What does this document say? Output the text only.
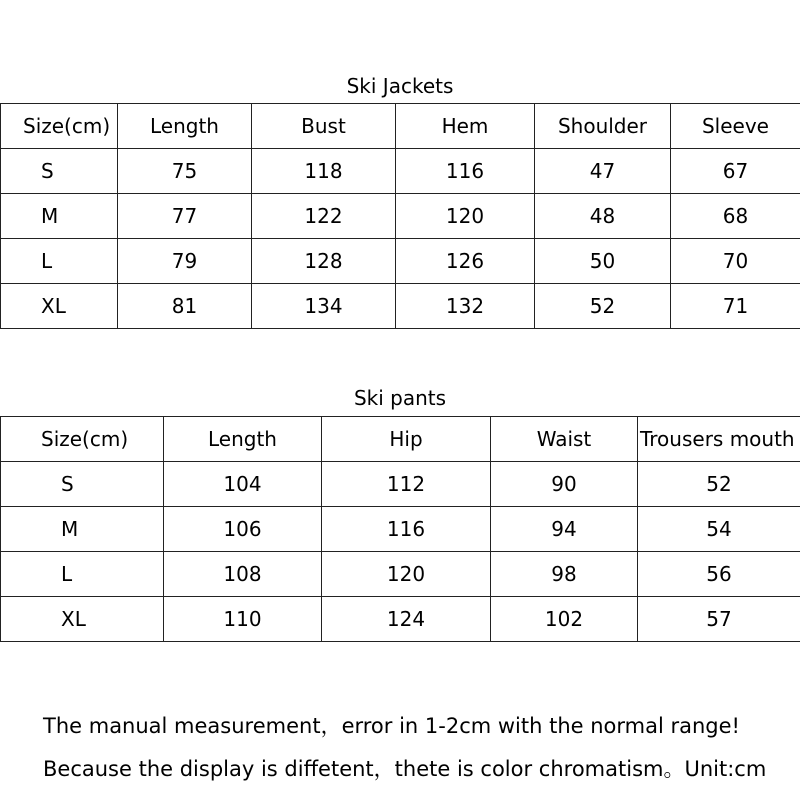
Ski Jackets
Size(cm)	Length	Bust	Hem	Shoulder	Sleeve
S	75	118	116	47	67
M	77	122	120	48	68
L	79	128	126	50	70
XL	81	134	132	52	71
Ski pants
Size(cm)	Length	Hip	Waist	Trousers mouth
S	104	112	90	52
M	106	116	94	54
L	108	120	98	56
XL	110	124	102	57
The manual measurement，error in 1-2cm with the normal range!
Because the display is diffetent，thete is color chromatism。Unit:cm
